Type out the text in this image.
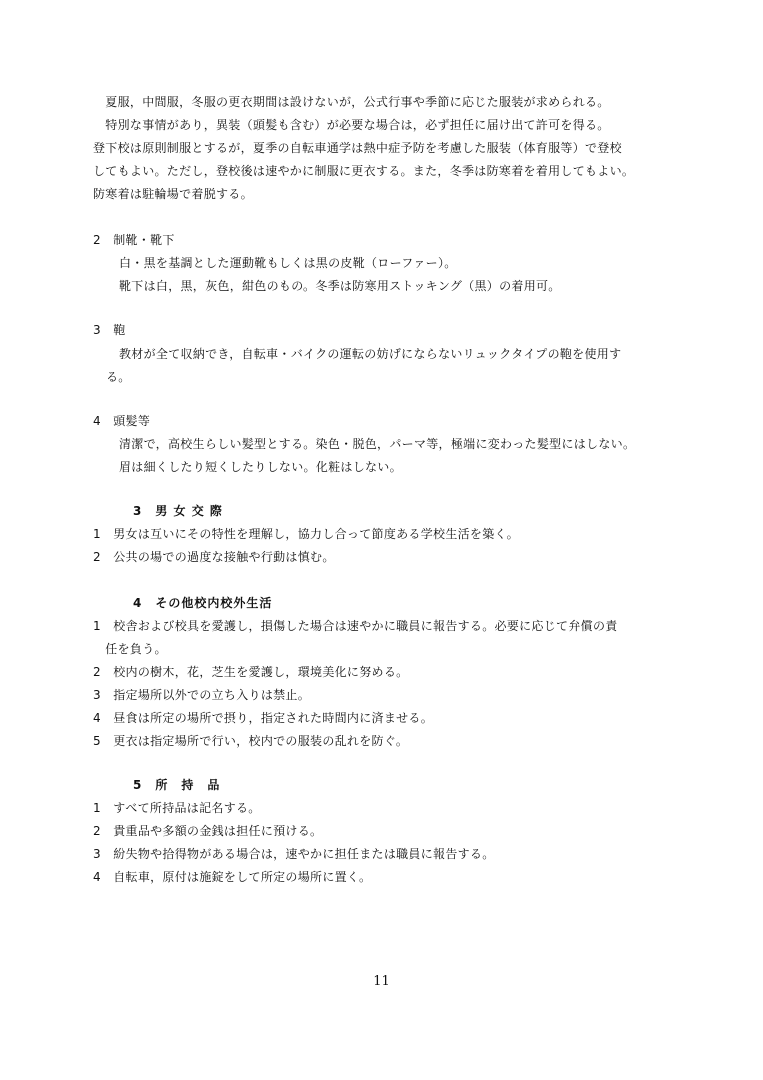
　夏服，中間服，冬服の更衣期間は設けないが，公式行事や季節に応じた服装が求められる。
　特別な事情があり，異装（頭髪も含む）が必要な場合は，必ず担任に届け出て許可を得る。
登下校は原則制服とするが，夏季の自転車通学は熱中症予防を考慮した服装（体育服等）で登校
してもよい。ただし，登校後は速やかに制服に更衣する。また，冬季は防寒着を着用してもよい。
防寒着は駐輪場で着脱する。
2　制靴・靴下
白・黒を基調とした運動靴もしくは黒の皮靴（ローファー）。
靴下は白，黒，灰色，紺色のもの。冬季は防寒用ストッキング（黒）の着用可。
3　鞄
教材が全て収納でき，自転車・バイクの運転の妨げにならないリュックタイプの鞄を使用す
る。
4　頭髪等
清潔で，高校生らしい髪型とする。染色・脱色，パーマ等，極端に変わった髪型にはしない。
眉は細くしたり短くしたりしない。化粧はしない。
3　男 女 交 際
1　男女は互いにその特性を理解し，協力し合って節度ある学校生活を築く。
2　公共の場での過度な接触や行動は慎む。
4　その他校内校外生活
1　校舎および校具を愛護し，損傷した場合は速やかに職員に報告する。必要に応じて弁償の責
　任を負う。
2　校内の樹木，花，芝生を愛護し，環境美化に努める。
3　指定場所以外での立ち入りは禁止。
4　昼食は所定の場所で摂り，指定された時間内に済ませる。
5　更衣は指定場所で行い，校内での服装の乱れを防ぐ。
5　所　持　品
1　すべて所持品は記名する。
2　貴重品や多額の金銭は担任に預ける。
3　紛失物や拾得物がある場合は，速やかに担任または職員に報告する。
4　自転車，原付は施錠をして所定の場所に置く。
11
